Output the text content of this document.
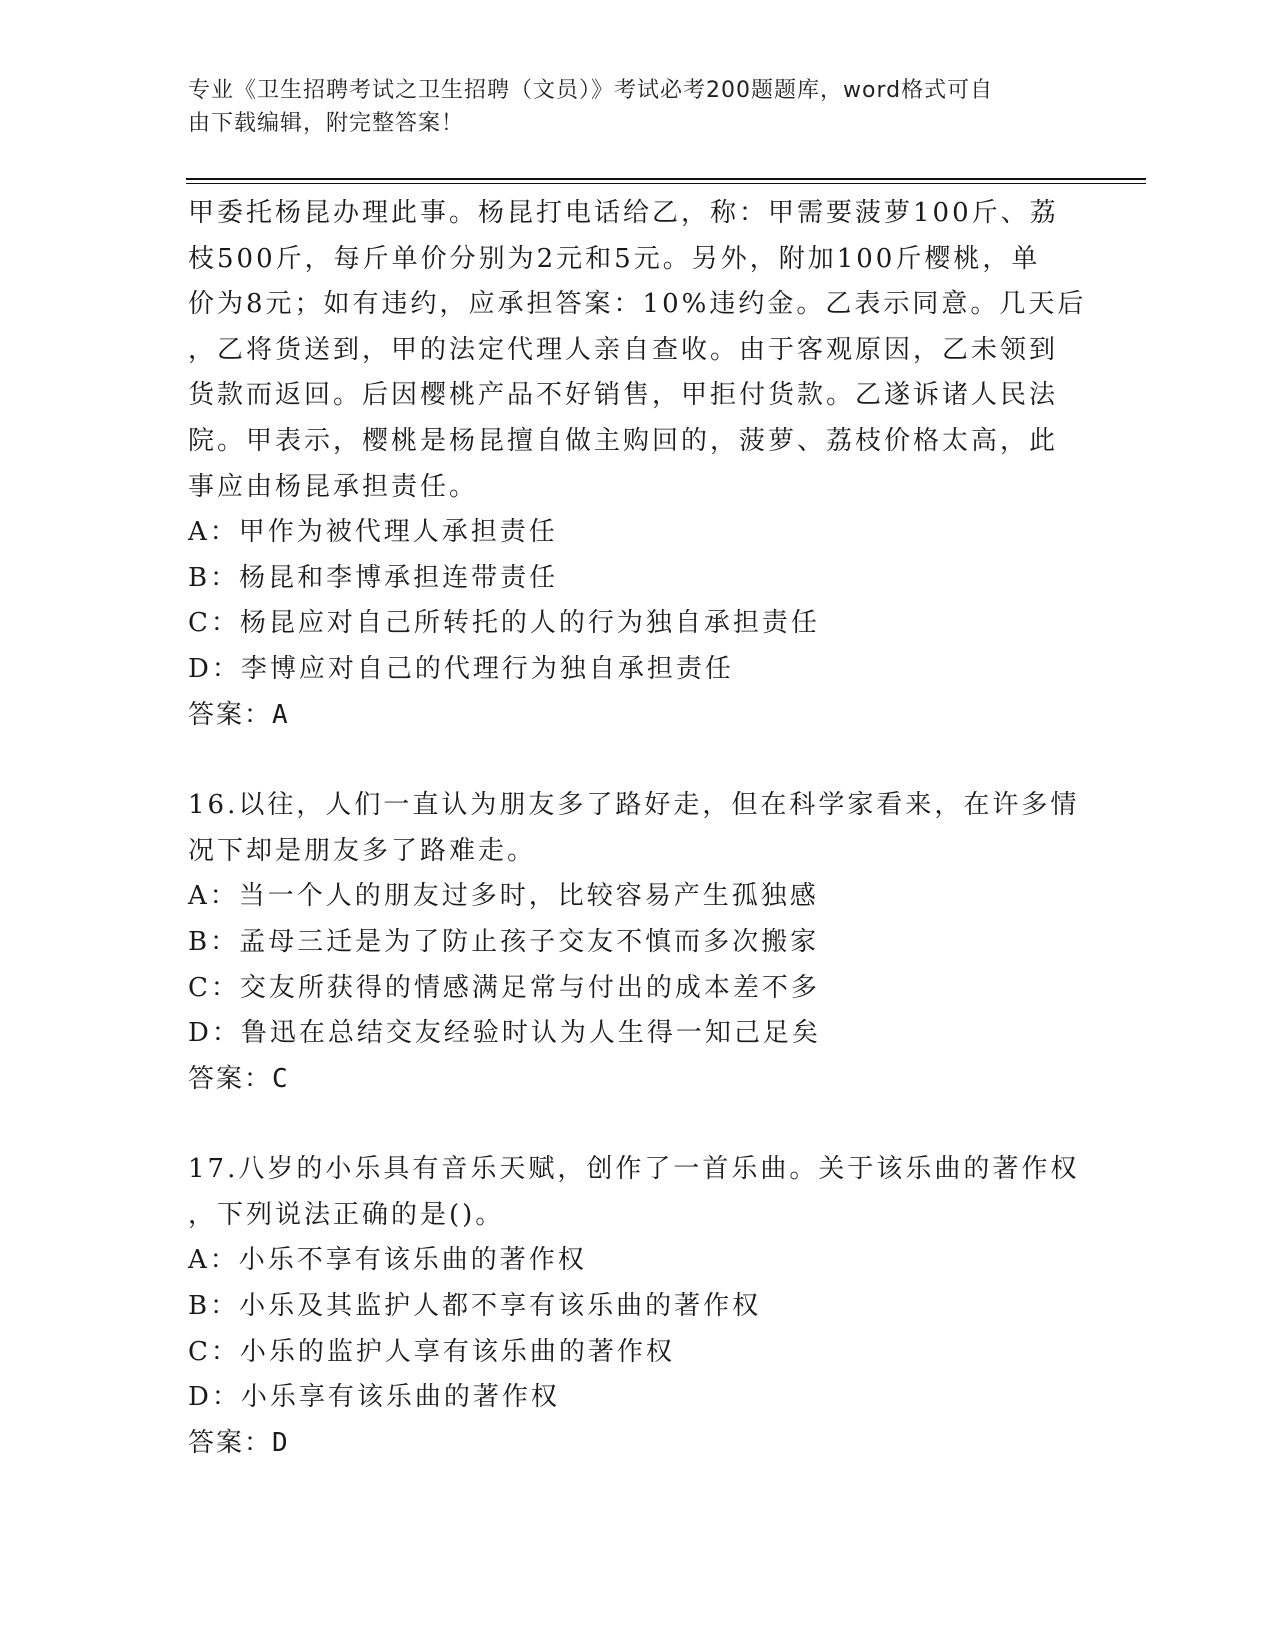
专业《卫生招聘考试之卫生招聘（文员）》考试必考200题题库，word格式可自
由下载编辑，附完整答案！

甲委托杨昆办理此事。杨昆打电话给乙，称：甲需要菠萝100斤、荔

枝500斤，每斤单价分别为2元和5元。另外，附加100斤樱桃，单

价为8元；如有违约，应承担答案：10%违约金。乙表示同意。几天后

，乙将货送到，甲的法定代理人亲自查收。由于客观原因，乙未领到

货款而返回。后因樱桃产品不好销售，甲拒付货款。乙遂诉诸人民法

院。甲表示，樱桃是杨昆擅自做主购回的，菠萝、荔枝价格太高，此

事应由杨昆承担责任。

A：甲作为被代理人承担责任

B：杨昆和李博承担连带责任

C：杨昆应对自己所转托的人的行为独自承担责任

D：李博应对自己的代理行为独自承担责任

答案：A

16.以往，人们一直认为朋友多了路好走，但在科学家看来，在许多情

况下却是朋友多了路难走。

A：当一个人的朋友过多时，比较容易产生孤独感

B：孟母三迁是为了防止孩子交友不慎而多次搬家

C：交友所获得的情感满足常与付出的成本差不多

D：鲁迅在总结交友经验时认为人生得一知己足矣

答案：C

17.八岁的小乐具有音乐天赋，创作了一首乐曲。关于该乐曲的著作权

，下列说法正确的是()。

A：小乐不享有该乐曲的著作权

B：小乐及其监护人都不享有该乐曲的著作权

C：小乐的监护人享有该乐曲的著作权

D：小乐享有该乐曲的著作权

答案：D
